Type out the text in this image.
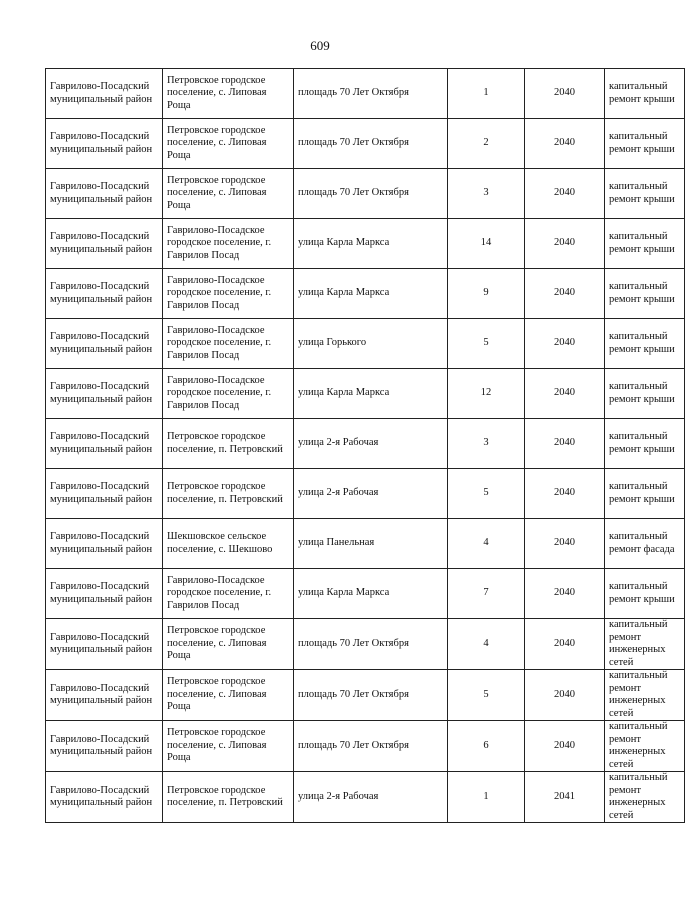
609
Гаврилово-Посадский муниципальный район	Петровское городское поселение, с. Липовая Роща	площадь 70 Лет Октября	1	2040	капитальный ремонт крыши
Гаврилово-Посадский муниципальный район	Петровское городское поселение, с. Липовая Роща	площадь 70 Лет Октября	2	2040	капитальный ремонт крыши
Гаврилово-Посадский муниципальный район	Петровское городское поселение, с. Липовая Роща	площадь 70 Лет Октября	3	2040	капитальный ремонт крыши
Гаврилово-Посадский муниципальный район	Гаврилово-Посадское городское поселение, г. Гаврилов Посад	улица Карла Маркса	14	2040	капитальный ремонт крыши
Гаврилово-Посадский муниципальный район	Гаврилово-Посадское городское поселение, г. Гаврилов Посад	улица Карла Маркса	9	2040	капитальный ремонт крыши
Гаврилово-Посадский муниципальный район	Гаврилово-Посадское городское поселение, г. Гаврилов Посад	улица Горького	5	2040	капитальный ремонт крыши
Гаврилово-Посадский муниципальный район	Гаврилово-Посадское городское поселение, г. Гаврилов Посад	улица Карла Маркса	12	2040	капитальный ремонт крыши
Гаврилово-Посадский муниципальный район	Петровское городское поселение, п. Петровский	улица 2-я Рабочая	3	2040	капитальный ремонт крыши
Гаврилово-Посадский муниципальный район	Петровское городское поселение, п. Петровский	улица 2-я Рабочая	5	2040	капитальный ремонт крыши
Гаврилово-Посадский муниципальный район	Шекшовское сельское поселение, с. Шекшово	улица Панельная	4	2040	капитальный ремонт фасада
Гаврилово-Посадский муниципальный район	Гаврилово-Посадское городское поселение, г. Гаврилов Посад	улица Карла Маркса	7	2040	капитальный ремонт крыши
Гаврилово-Посадский муниципальный район	Петровское городское поселение, с. Липовая Роща	площадь 70 Лет Октября	4	2040	капитальный ремонт инженерных сетей
Гаврилово-Посадский муниципальный район	Петровское городское поселение, с. Липовая Роща	площадь 70 Лет Октября	5	2040	капитальный ремонт инженерных сетей
Гаврилово-Посадский муниципальный район	Петровское городское поселение, с. Липовая Роща	площадь 70 Лет Октября	6	2040	капитальный ремонт инженерных сетей
Гаврилово-Посадский муниципальный район	Петровское городское поселение, п. Петровский	улица 2-я Рабочая	1	2041	капитальный ремонт инженерных сетей
